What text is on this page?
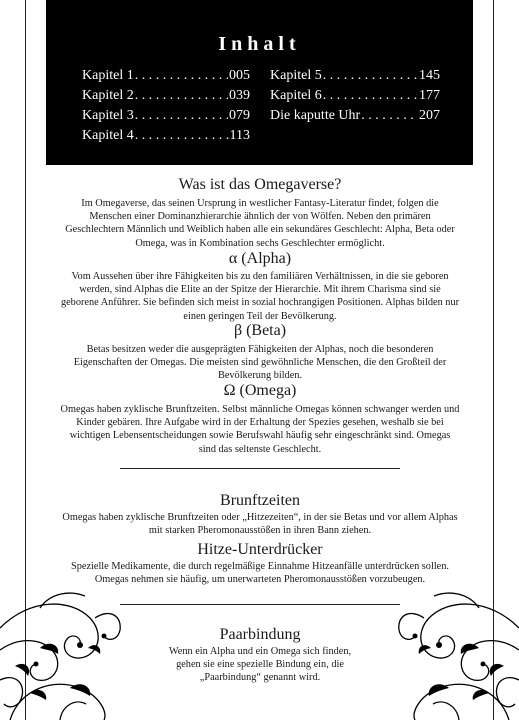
Inhalt
Kapitel 1 . . .	005
Kapitel 2 . . .	039
Kapitel 3 . . .	079
Kapitel 4 . . .	113
Kapitel 5 . . .	145
Kapitel 6 . . .	177
Die kaputte Uhr . . .	207
Was ist das Omegaverse?
Im Omegaverse, das seinen Ursprung in westlicher Fantasy-Literatur findet, folgen die Menschen einer Dominanzhierarchie ähnlich der von Wölfen. Neben den primären Geschlechtern Männlich und Weiblich haben alle ein sekundäres Geschlecht: Alpha, Beta oder Omega, was in Kombination sechs Geschlechter ermöglicht.
α (Alpha)
Vom Aussehen über ihre Fähigkeiten bis zu den familiären Verhältnissen, in die sie geboren werden, sind Alphas die Elite an der Spitze der Hierarchie. Mit ihrem Charisma sind sie geborene Anführer. Sie befinden sich meist in sozial hochrangigen Positionen. Alphas bilden nur einen geringen Teil der Bevölkerung.
β (Beta)
Betas besitzen weder die ausgeprägten Fähigkeiten der Alphas, noch die besonderen Eigenschaften der Omegas. Die meisten sind gewöhnliche Menschen, die den Großteil der Bevölkerung bilden.
Ω (Omega)
Omegas haben zyklische Brunftzeiten. Selbst männliche Omegas können schwanger werden und Kinder gebären. Ihre Aufgabe wird in der Erhaltung der Spezies gesehen, weshalb sie bei wichtigen Lebensentscheidungen sowie Berufswahl häufig sehr eingeschränkt sind. Omegas sind das seltenste Geschlecht.
Brunftzeiten
Omegas haben zyklische Brunftzeiten oder „Hitzezeiten“, in der sie Betas und vor allem Alphas mit starken Pheromonausstößen in ihren Bann ziehen.
Hitze-Unterdrücker
Spezielle Medikamente, die durch regelmäßige Einnahme Hitzeanfälle unterdrücken sollen. Omegas nehmen sie häufig, um unerwarteten Pheromonausstößen vorzubeugen.
Paarbindung
Wenn ein Alpha und ein Omega sich finden, gehen sie eine spezielle Bindung ein, die „Paarbindung“ genannt wird.
